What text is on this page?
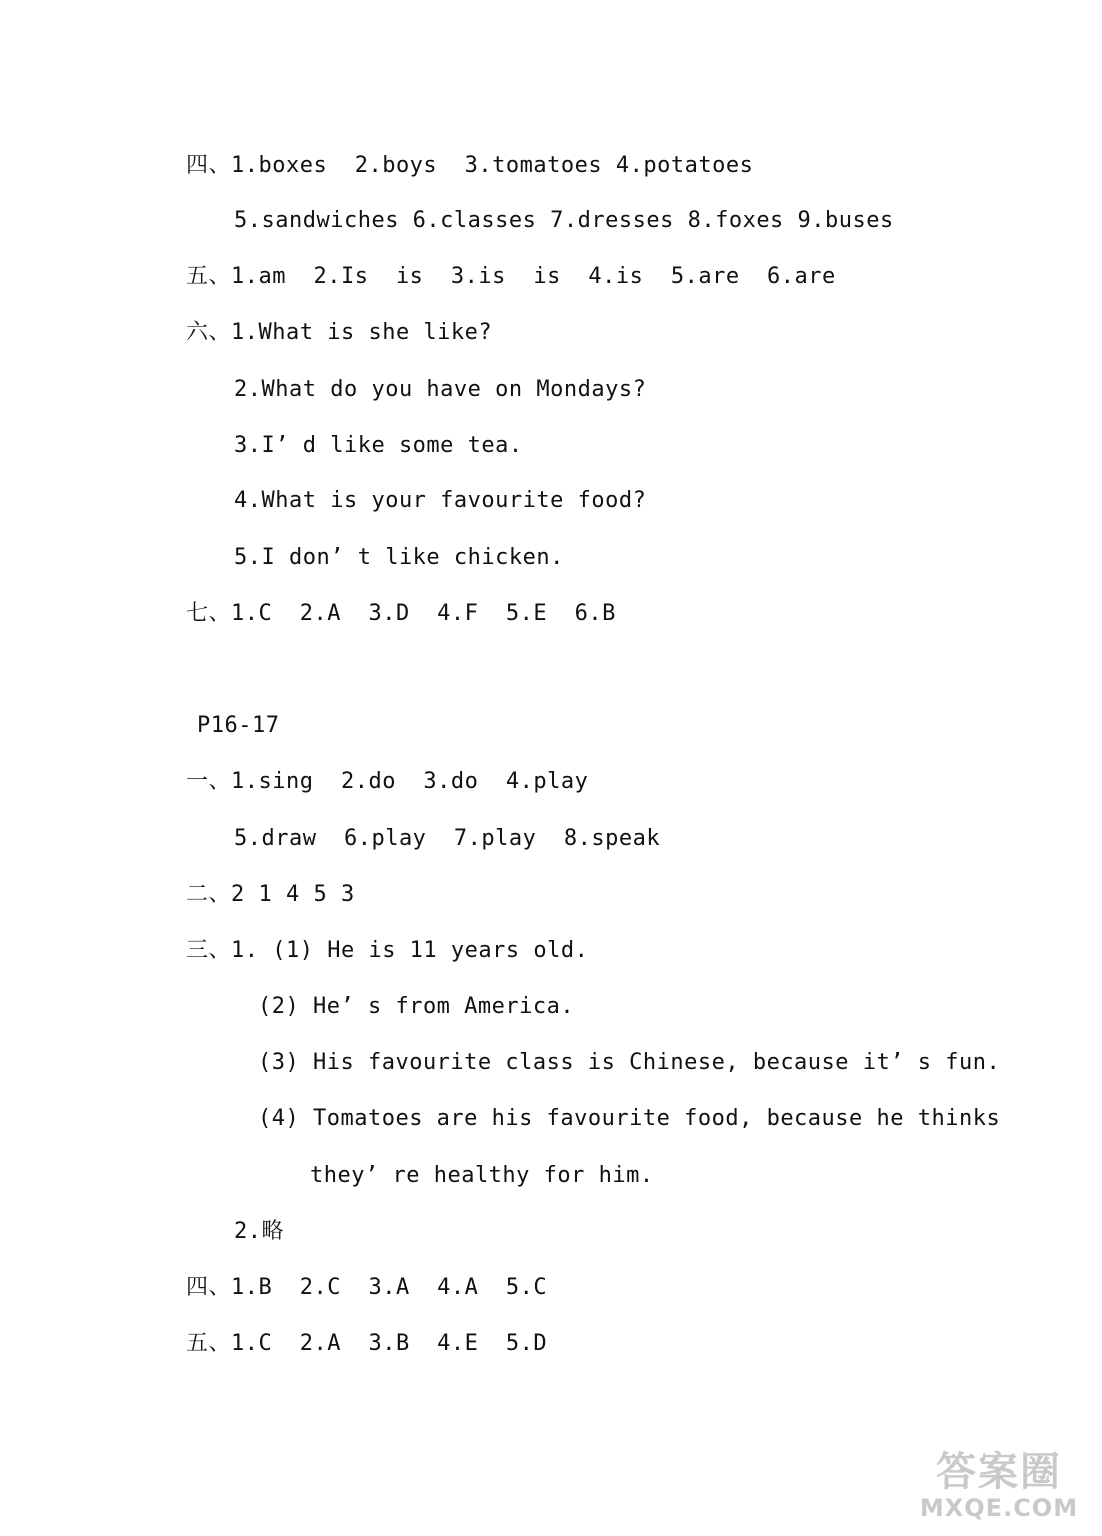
四、1.boxes  2.boys  3.tomatoes 4.potatoes
5.sandwiches 6.classes 7.dresses 8.foxes 9.buses
五、1.am  2.Is  is  3.is  is  4.is  5.are  6.are
六、1.What is she like?
2.What do you have on Mondays?
3.I’ d like some tea.
4.What is your favourite food?
5.I don’ t like chicken.
七、1.C  2.A  3.D  4.F  5.E  6.B
P16-17
一、1.sing  2.do  3.do  4.play
5.draw  6.play  7.play  8.speak
二、2 1 4 5 3
三、1. (1) He is 11 years old.
(2) He’ s from America.
(3) His favourite class is Chinese, because it’ s fun.
(4) Tomatoes are his favourite food, because he thinks
they’ re healthy for him.
2.略
四、1.B  2.C  3.A  4.A  5.C
五、1.C  2.A  3.B  4.E  5.D
答案圈
MXQE.COM
